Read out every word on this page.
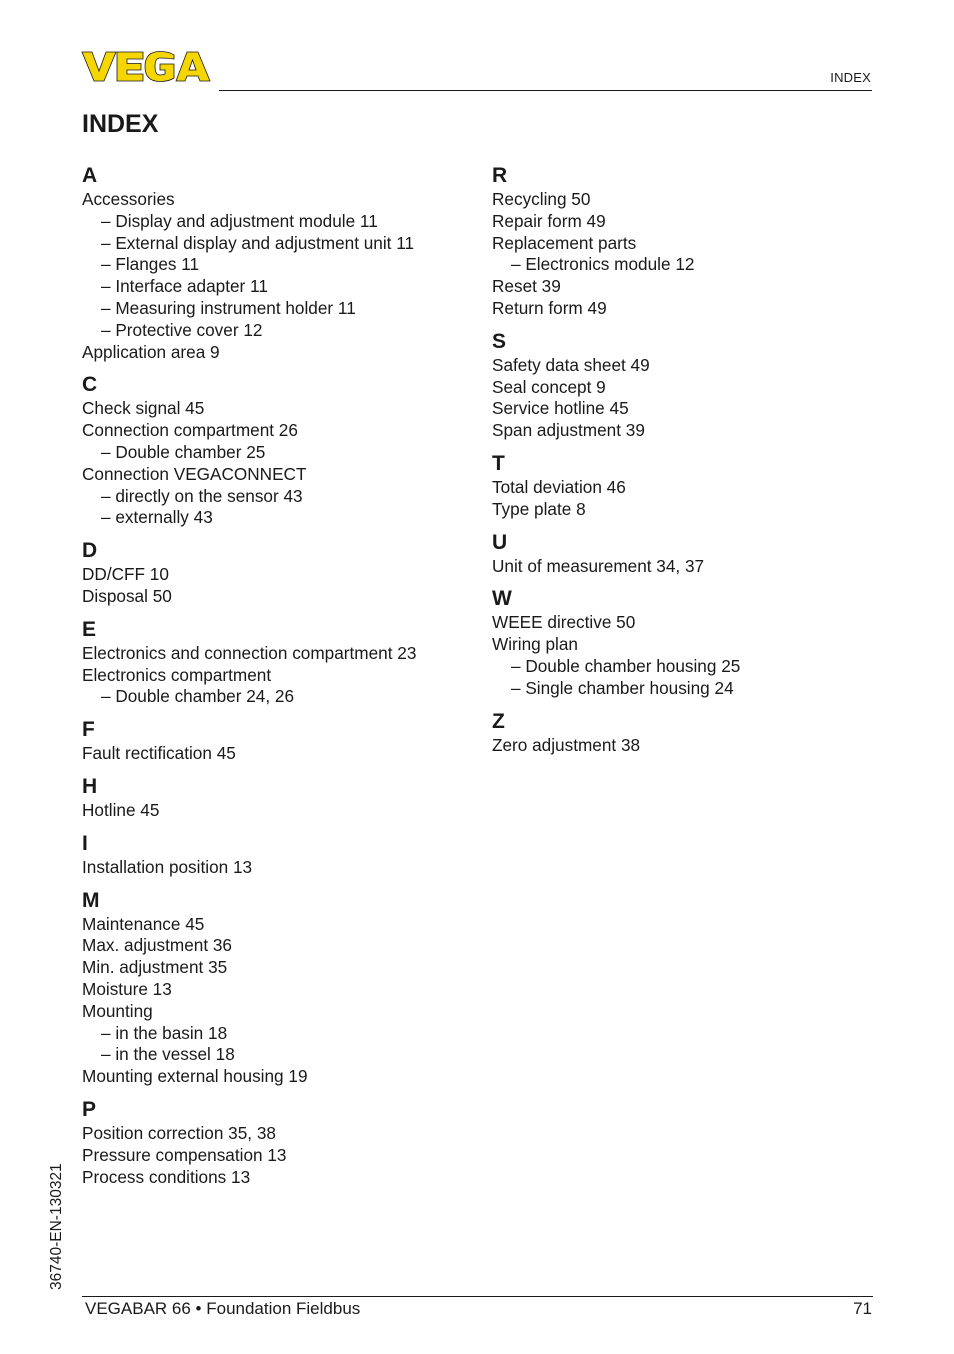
INDEX
INDEX
A
Accessories
– Display and adjustment module 11
– External display and adjustment unit 11
– Flanges 11
– Interface adapter 11
– Measuring instrument holder 11
– Protective cover 12
Application area 9
C
Check signal 45
Connection compartment 26
– Double chamber 25
Connection VEGACONNECT
– directly on the sensor 43
– externally 43
D
DD/CFF 10
Disposal 50
E
Electronics and connection compartment 23
Electronics compartment
– Double chamber 24, 26
F
Fault rectification 45
H
Hotline 45
I
Installation position 13
M
Maintenance 45
Max. adjustment 36
Min. adjustment 35
Moisture 13
Mounting
– in the basin 18
– in the vessel 18
Mounting external housing 19
P
Position correction 35, 38
Pressure compensation 13
Process conditions 13
R
Recycling 50
Repair form 49
Replacement parts
– Electronics module 12
Reset 39
Return form 49
S
Safety data sheet 49
Seal concept 9
Service hotline 45
Span adjustment 39
T
Total deviation 46
Type plate 8
U
Unit of measurement 34, 37
W
WEEE directive 50
Wiring plan
– Double chamber housing 25
– Single chamber housing 24
Z
Zero adjustment 38
36740-EN-130321
VEGABAR 66 • Foundation Fieldbus	71
